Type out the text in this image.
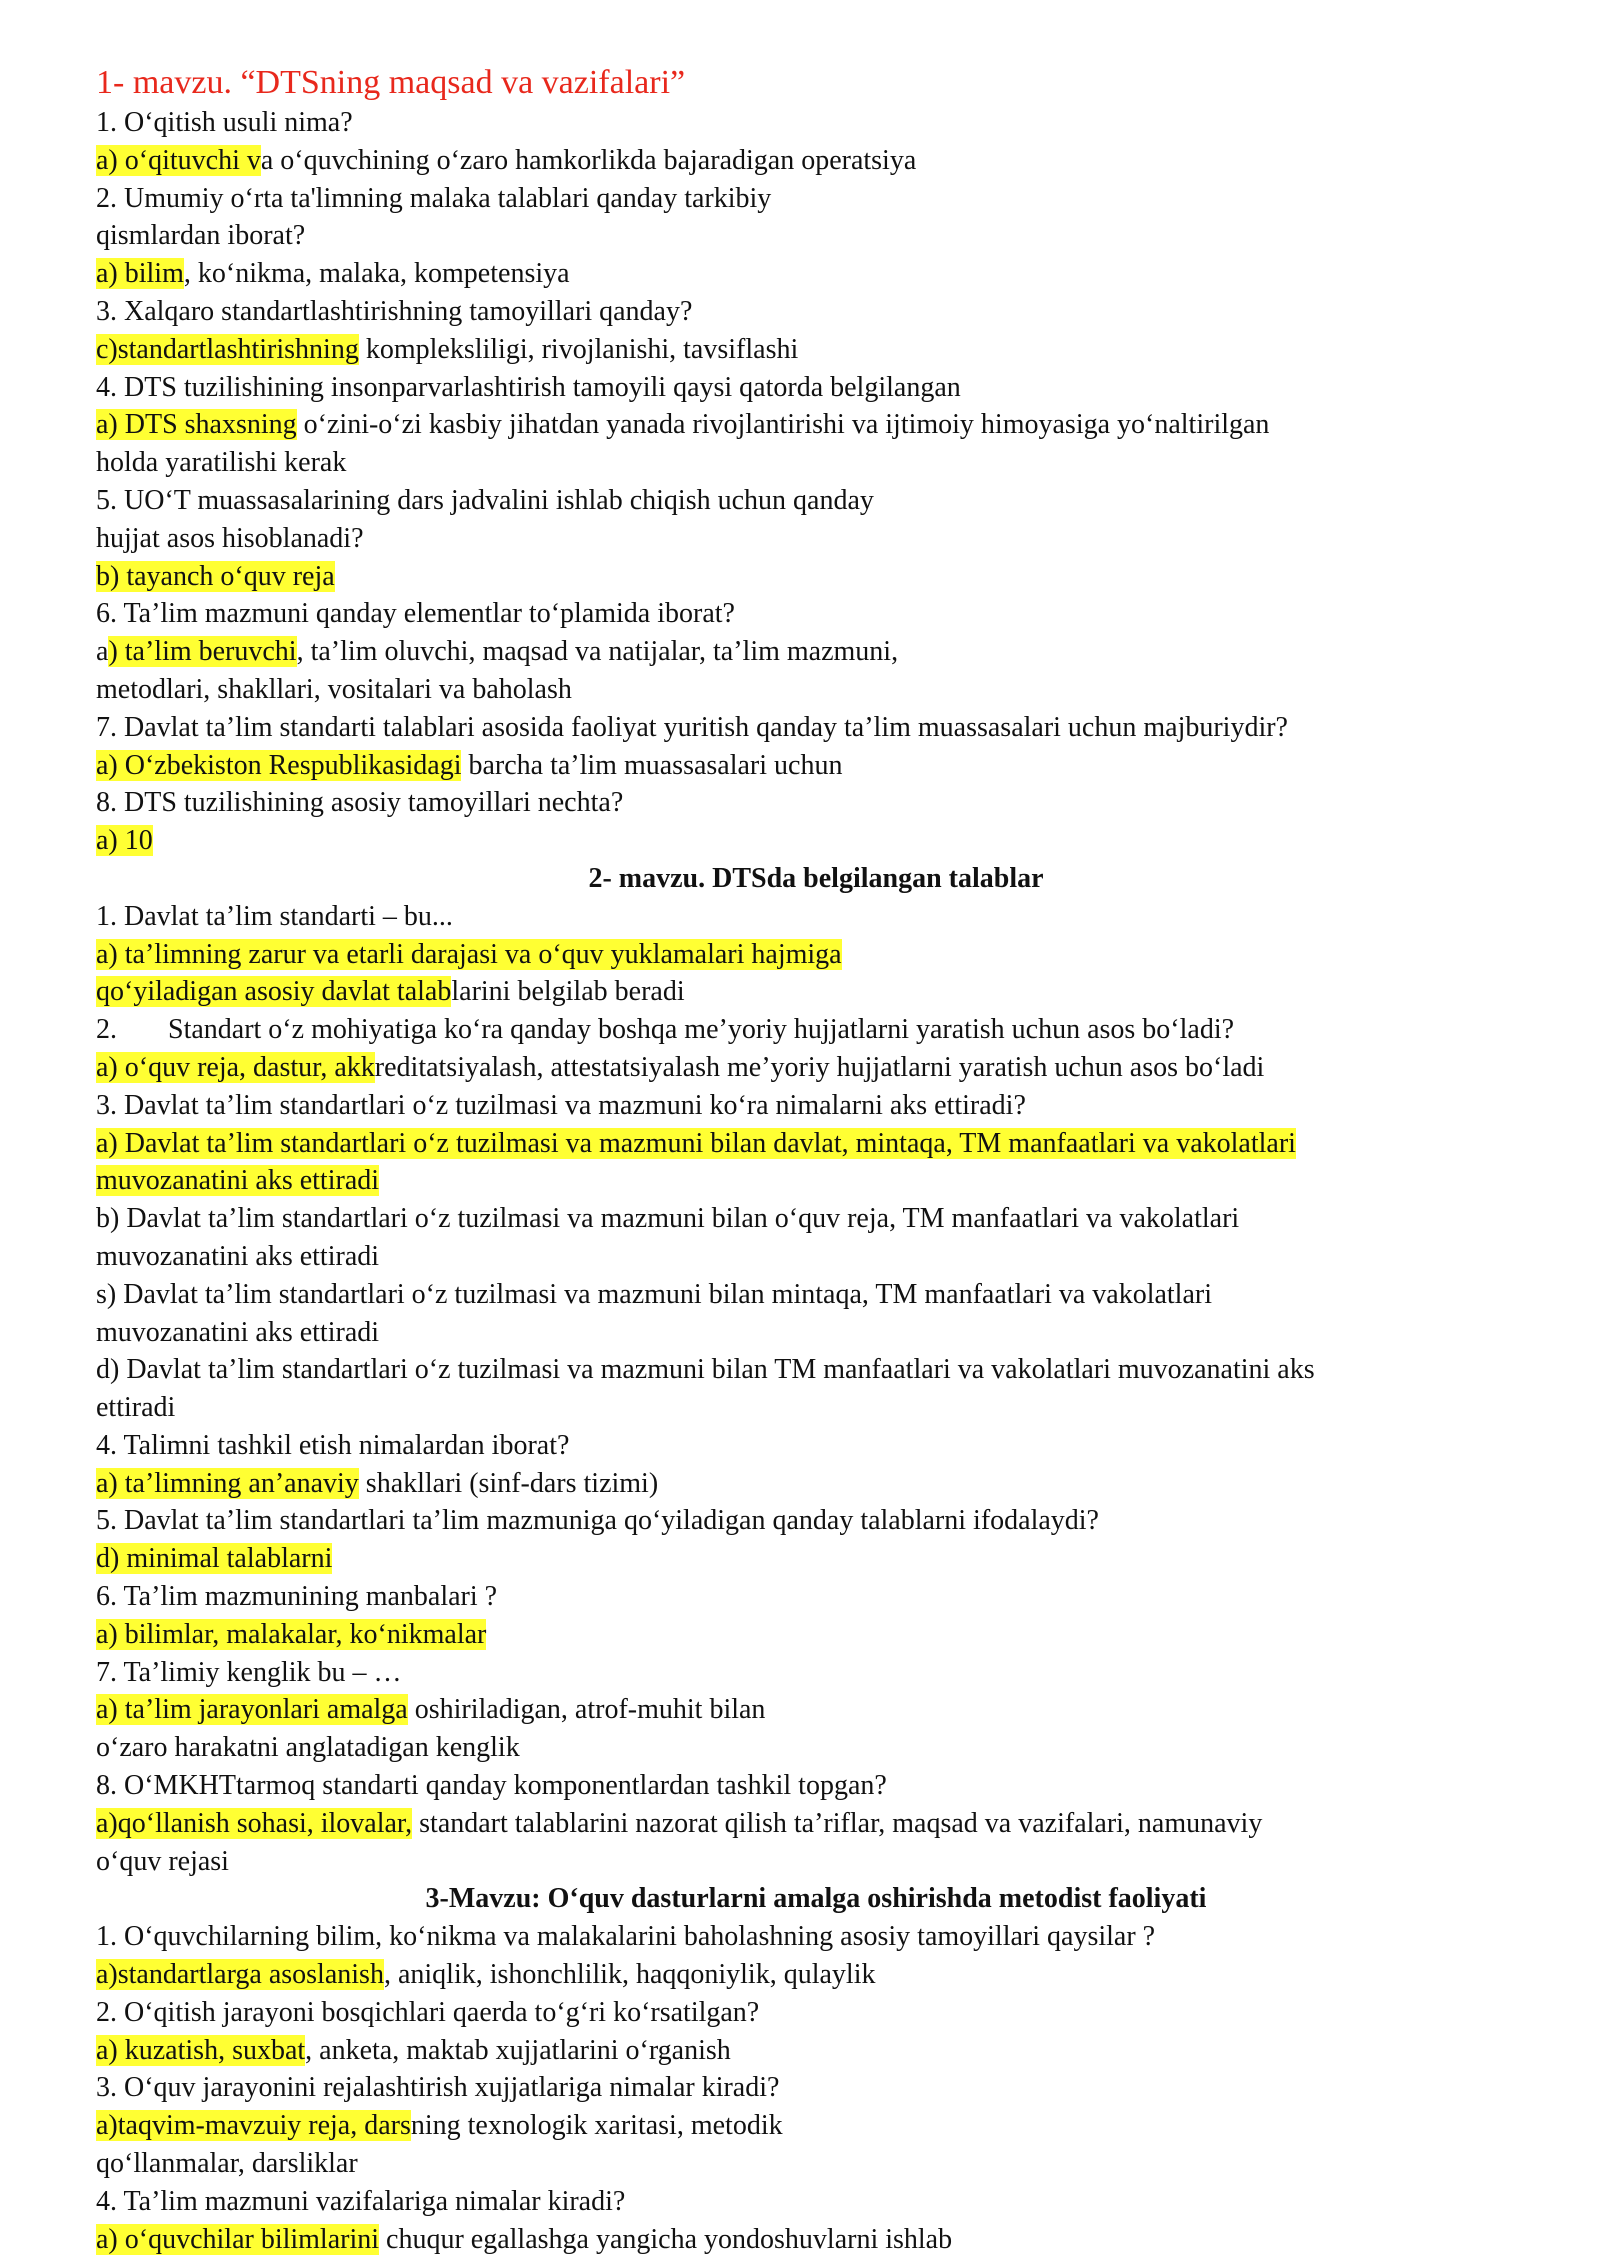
1- mavzu. “DTSning maqsad va vazifalari”
1. O‘qitish usuli nima?
a) o‘qituvchi va o‘quvchining o‘zaro hamkorlikda bajaradigan operatsiya
2. Umumiy o‘rta ta'limning malaka talablari qanday tarkibiy
qismlardan iborat?
a) bilim, ko‘nikma, malaka, kompetensiya
3. Xalqaro standartlashtirishning tamoyillari qanday?
c)standartlashtirishning kompleksliligi, rivojlanishi, tavsiflashi
4. DTS tuzilishining insonparvarlashtirish tamoyili qaysi qatorda belgilangan
a) DTS shaxsning o‘zini-o‘zi kasbiy jihatdan yanada rivojlantirishi va ijtimoiy himoyasiga yo‘naltirilgan
holda yaratilishi kerak
5. UO‘T muassasalarining dars jadvalini ishlab chiqish uchun qanday
hujjat asos hisoblanadi?
b) tayanch o‘quv reja
6. Ta’lim mazmuni qanday elementlar to‘plamida iborat?
a) ta’lim beruvchi, ta’lim oluvchi, maqsad va natijalar, ta’lim mazmuni,
metodlari, shakllari, vositalari va baholash
7. Davlat ta’lim standarti talablari asosida faoliyat yuritish qanday ta’lim muassasalari uchun majburiydir?
a) O‘zbekiston Respublikasidagi barcha ta’lim muassasalari uchun
8. DTS tuzilishining asosiy tamoyillari nechta?
a) 10
2- mavzu. DTSda belgilangan talablar
1. Davlat ta’lim standarti – bu...
a) ta’limning zarur va etarli darajasi va o‘quv yuklamalari hajmiga
qo‘yiladigan asosiy davlat talablarini belgilab beradi
2. Standart o‘z mohiyatiga ko‘ra qanday boshqa me’yoriy hujjatlarni yaratish uchun asos bo‘ladi?
a) o‘quv reja, dastur, akkreditatsiyalash, attestatsiyalash me’yoriy hujjatlarni yaratish uchun asos bo‘ladi
3. Davlat ta’lim standartlari o‘z tuzilmasi va mazmuni ko‘ra nimalarni aks ettiradi?
a) Davlat ta’lim standartlari o‘z tuzilmasi va mazmuni bilan davlat, mintaqa, TM manfaatlari va vakolatlari
muvozanatini aks ettiradi
b) Davlat ta’lim standartlari o‘z tuzilmasi va mazmuni bilan o‘quv reja, TM manfaatlari va vakolatlari
muvozanatini aks ettiradi
s) Davlat ta’lim standartlari o‘z tuzilmasi va mazmuni bilan mintaqa, TM manfaatlari va vakolatlari
muvozanatini aks ettiradi
d) Davlat ta’lim standartlari o‘z tuzilmasi va mazmuni bilan TM manfaatlari va vakolatlari muvozanatini aks
ettiradi
4. Talimni tashkil etish nimalardan iborat?
a) ta’limning an’anaviy shakllari (sinf-dars tizimi)
5. Davlat ta’lim standartlari ta’lim mazmuniga qo‘yiladigan qanday talablarni ifodalaydi?
d) minimal talablarni
6. Ta’lim mazmunining manbalari ?
a) bilimlar, malakalar, ko‘nikmalar
7. Ta’limiy kenglik bu – …
a) ta’lim jarayonlari amalga oshiriladigan, atrof-muhit bilan
o‘zaro harakatni anglatadigan kenglik
8. O‘MKHTtarmoq standarti qanday komponentlardan tashkil topgan?
a)qo‘llanish sohasi, ilovalar, standart talablarini nazorat qilish ta’riflar, maqsad va vazifalari, namunaviy
o‘quv rejasi
3-Mavzu: O‘quv dasturlarni amalga oshirishda metodist faoliyati
1. O‘quvchilarning bilim, ko‘nikma va malakalarini baholashning asosiy tamoyillari qaysilar ?
a)standartlarga asoslanish, aniqlik, ishonchlilik, haqqoniylik, qulaylik
2. O‘qitish jarayoni bosqichlari qaerda to‘g‘ri ko‘rsatilgan?
a) kuzatish, suxbat, anketa, maktab xujjatlarini o‘rganish
3. O‘quv jarayonini rejalashtirish xujjatlariga nimalar kiradi?
a)taqvim-mavzuiy reja, darsning texnologik xaritasi, metodik
qo‘llanmalar, darsliklar
4. Ta’lim mazmuni vazifalariga nimalar kiradi?
a) o‘quvchilar bilimlarini chuqur egallashga yangicha yondoshuvlarni ishlab
